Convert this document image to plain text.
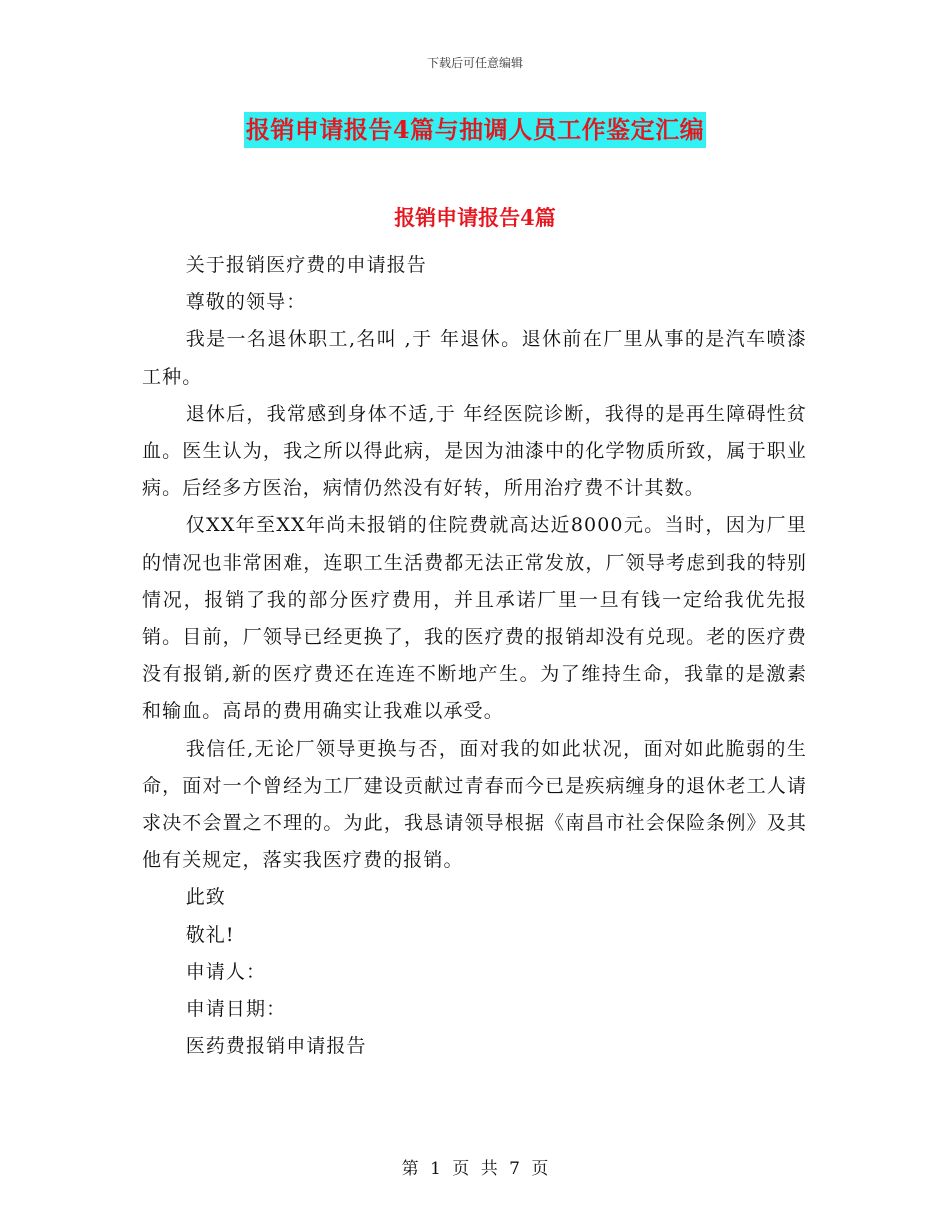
下载后可任意编辑
报销申请报告4篇与抽调人员工作鉴定汇编
报销申请报告4篇

关于报销医疗费的申请报告

尊敬的领导：

我是一名退休职工,名叫 ,于 年退休。退休前在厂里从事的是汽车喷漆工种。

退休后，我常感到身体不适,于 年经医院诊断，我得的是再生障碍性贫血。医生认为，我之所以得此病，是因为油漆中的化学物质所致，属于职业病。后经多方医治，病情仍然没有好转，所用治疗费不计其数。

仅XX年至XX年尚未报销的住院费就高达近8000元。当时，因为厂里的情况也非常困难，连职工生活费都无法正常发放，厂领导考虑到我的特别情况，报销了我的部分医疗费用，并且承诺厂里一旦有钱一定给我优先报销。目前，厂领导已经更换了，我的医疗费的报销却没有兑现。老的医疗费没有报销,新的医疗费还在连连不断地产生。为了维持生命，我靠的是激素和输血。高昂的费用确实让我难以承受。

我信任,无论厂领导更换与否，面对我的如此状况，面对如此脆弱的生命，面对一个曾经为工厂建设贡献过青春而今已是疾病缠身的退休老工人请求决不会置之不理的。为此，我恳请领导根据《南昌市社会保险条例》及其他有关规定，落实我医疗费的报销。

此致

敬礼!

申请人：

申请日期：

医药费报销申请报告

第 1 页 共 7 页
